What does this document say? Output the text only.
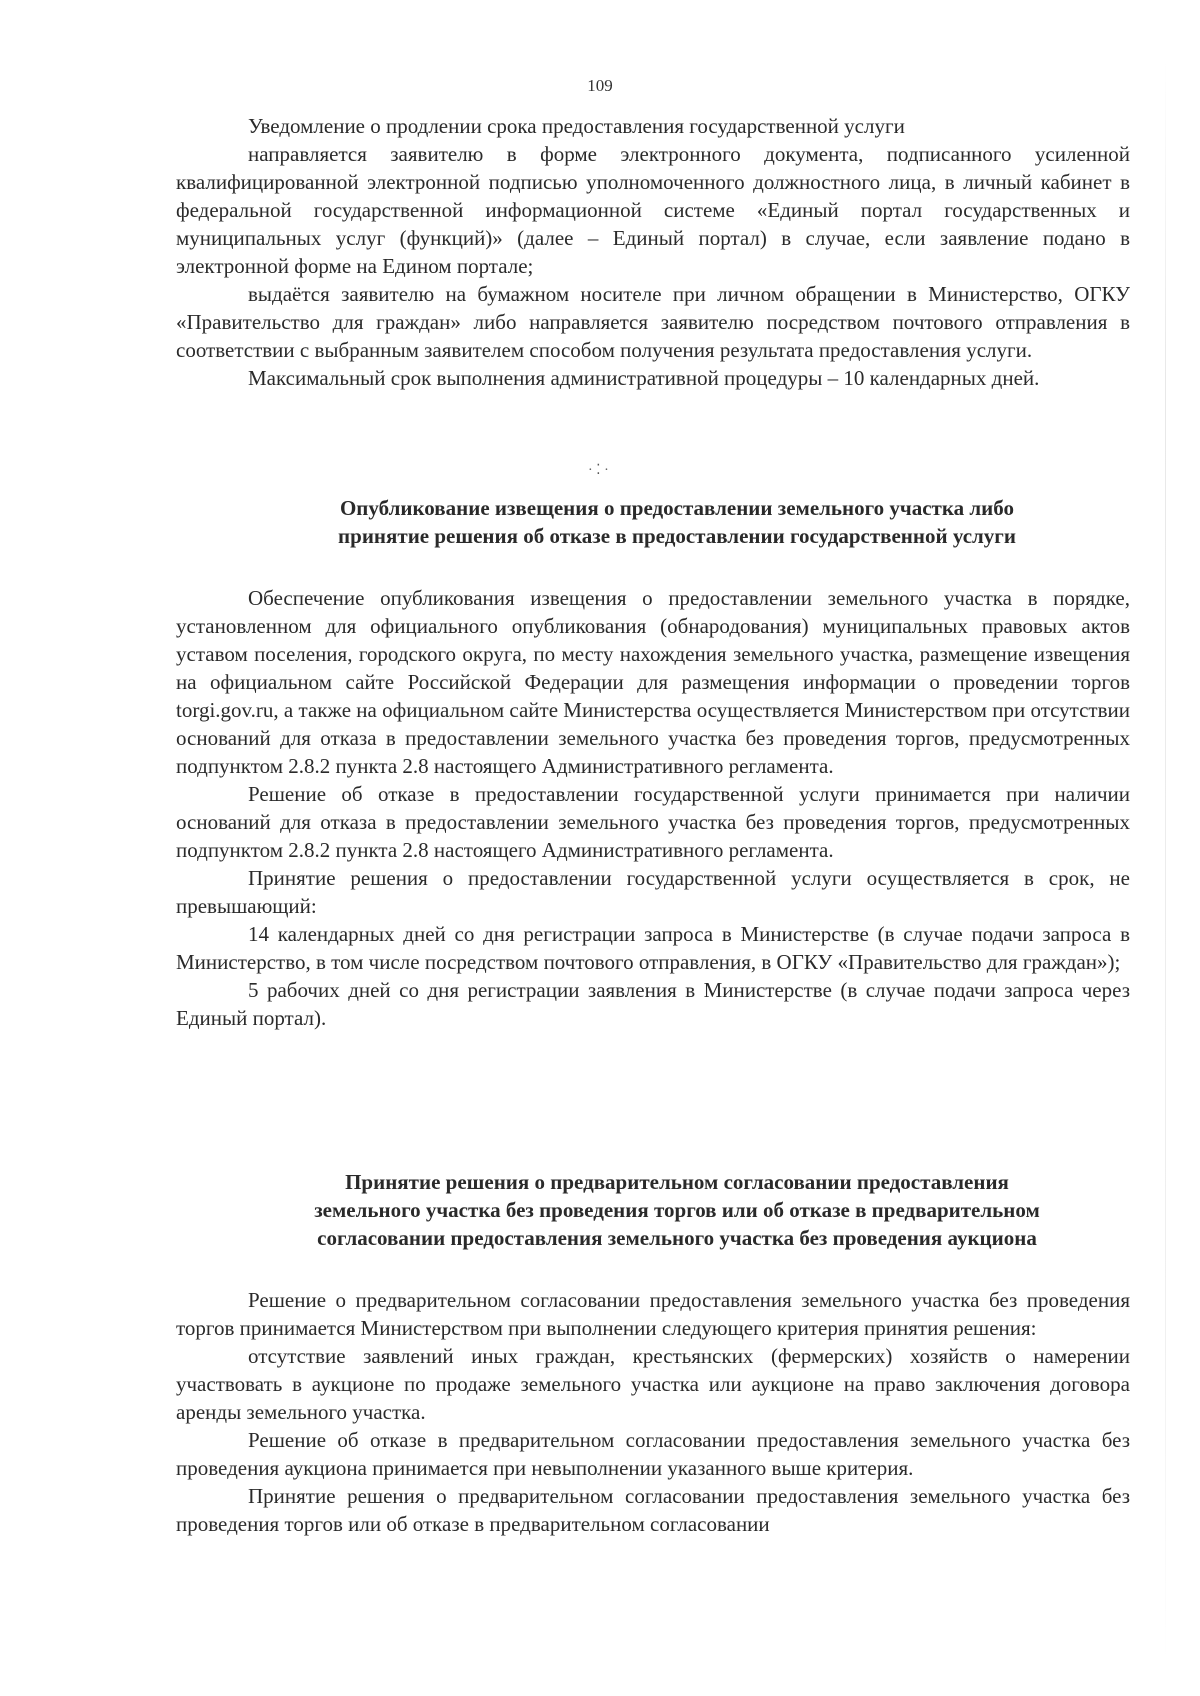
109
· ⁚ ·

Уведомление о продлении срока предоставления государственной услуги

направляется заявителю в форме электронного документа, подписанного усиленной квалифицированной электронной подписью уполномоченного должностного лица, в личный кабинет в федеральной государственной информационной системе «Единый портал государственных и муниципальных услуг (функций)» (далее – Единый портал) в случае, если заявление подано в электронной форме на Едином портале;

выдаётся заявителю на бумажном носителе при личном обращении в Министерство, ОГКУ «Правительство для граждан» либо направляется заявителю посредством почтового отправления в соответствии с выбранным заявителем способом получения результата предоставления услуги.

Максимальный срок выполнения административной процедуры – 10 календарных дней.

Опубликование извещения о предоставлении земельного участка либо
принятие решения об отказе в предоставлении государственной услуги

Обеспечение опубликования извещения о предоставлении земельного участка в порядке, установленном для официального опубликования (обнародования) муниципальных правовых актов уставом поселения, городского округа, по месту нахождения земельного участка, размещение извещения на официальном сайте Российской Федерации для размещения информации о проведении торгов torgi.gov.ru, а также на официальном сайте Министерства осуществляется Министерством при отсутствии оснований для отказа в предоставлении земельного участка без проведения торгов, предусмотренных подпунктом 2.8.2 пункта 2.8 настоящего Административного регламента.

Решение об отказе в предоставлении государственной услуги принимается при наличии оснований для отказа в предоставлении земельного участка без проведения торгов, предусмотренных подпунктом 2.8.2 пункта 2.8 настоящего Административного регламента.

Принятие решения о предоставлении государственной услуги осуществляется в срок, не превышающий:

14 календарных дней со дня регистрации запроса в Министерстве (в случае подачи запроса в Министерство, в том числе посредством почтового отправления, в ОГКУ «Правительство для граждан»);

5 рабочих дней со дня регистрации заявления в Министерстве (в случае подачи запроса через Единый портал).

Принятие решения о предварительном согласовании предоставления
земельного участка без проведения торгов или об отказе в предварительном
согласовании предоставления земельного участка без проведения аукциона

Решение о предварительном согласовании предоставления земельного участка без проведения торгов принимается Министерством при выполнении следующего критерия принятия решения:

отсутствие заявлений иных граждан, крестьянских (фермерских) хозяйств о намерении участвовать в аукционе по продаже земельного участка или аукционе на право заключения договора аренды земельного участка.

Решение об отказе в предварительном согласовании предоставления земельного участка без проведения аукциона принимается при невыполнении указанного выше критерия.

Принятие решения о предварительном согласовании предоставления земельного участка без проведения торгов или об отказе в предварительном согласовании
